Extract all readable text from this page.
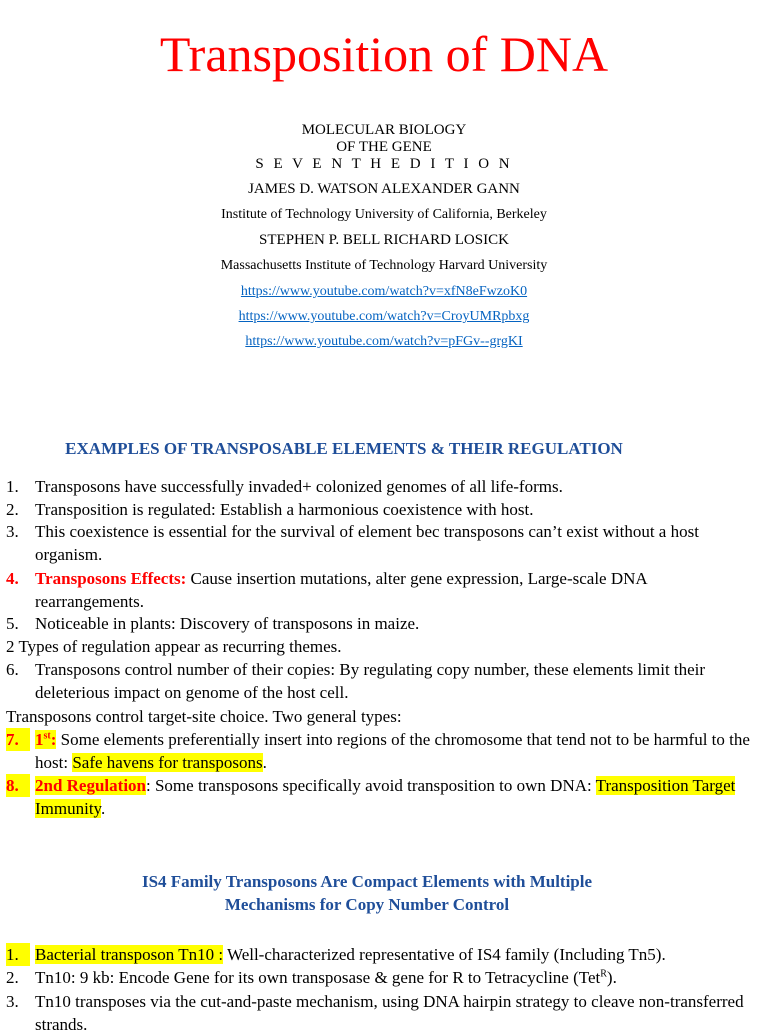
Transposition of DNA
MOLECULAR BIOLOGY
OF THE GENE
S E V E N T H E D I T I O N
JAMES D. WATSON ALEXANDER GANN
Institute of Technology University of California, Berkeley
STEPHEN P. BELL RICHARD LOSICK
Massachusetts Institute of Technology Harvard University
https://www.youtube.com/watch?v=xfN8eFwzoK0
https://www.youtube.com/watch?v=CroyUMRpbxg
https://www.youtube.com/watch?v=pFGv--grgKI
EXAMPLES OF TRANSPOSABLE ELEMENTS & THEIR REGULATION
1. Transposons have successfully invaded+ colonized genomes of all life-forms.
2. Transposition is regulated: Establish a harmonious coexistence with host.
3. This coexistence is essential for the survival of element bec transposons can’t exist without a host organism.
4. Transposons Effects: Cause insertion mutations, alter gene expression, Large-scale DNA rearrangements.
5. Noticeable in plants: Discovery of transposons in maize.
2 Types of regulation appear as recurring themes.
6. Transposons control number of their copies: By regulating copy number, these elements limit their deleterious impact on genome of the host cell.
Transposons control target-site choice. Two general types:
7. 1st: Some elements preferentially insert into regions of the chromosome that tend not to be harmful to the host: Safe havens for transposons.
8. 2nd Regulation: Some transposons specifically avoid transposition to own DNA: Transposition Target Immunity.
IS4 Family Transposons Are Compact Elements with Multiple
Mechanisms for Copy Number Control
1. Bacterial transposon Tn10 : Well-characterized representative of IS4 family (Including Tn5).
2. Tn10: 9 kb: Encode Gene for its own transposase & gene for R to Tetracycline (Tet$^R$).
3. Tn10 transposes via the cut-and-paste mechanism, using DNA hairpin strategy to cleave non-transferred strands.
